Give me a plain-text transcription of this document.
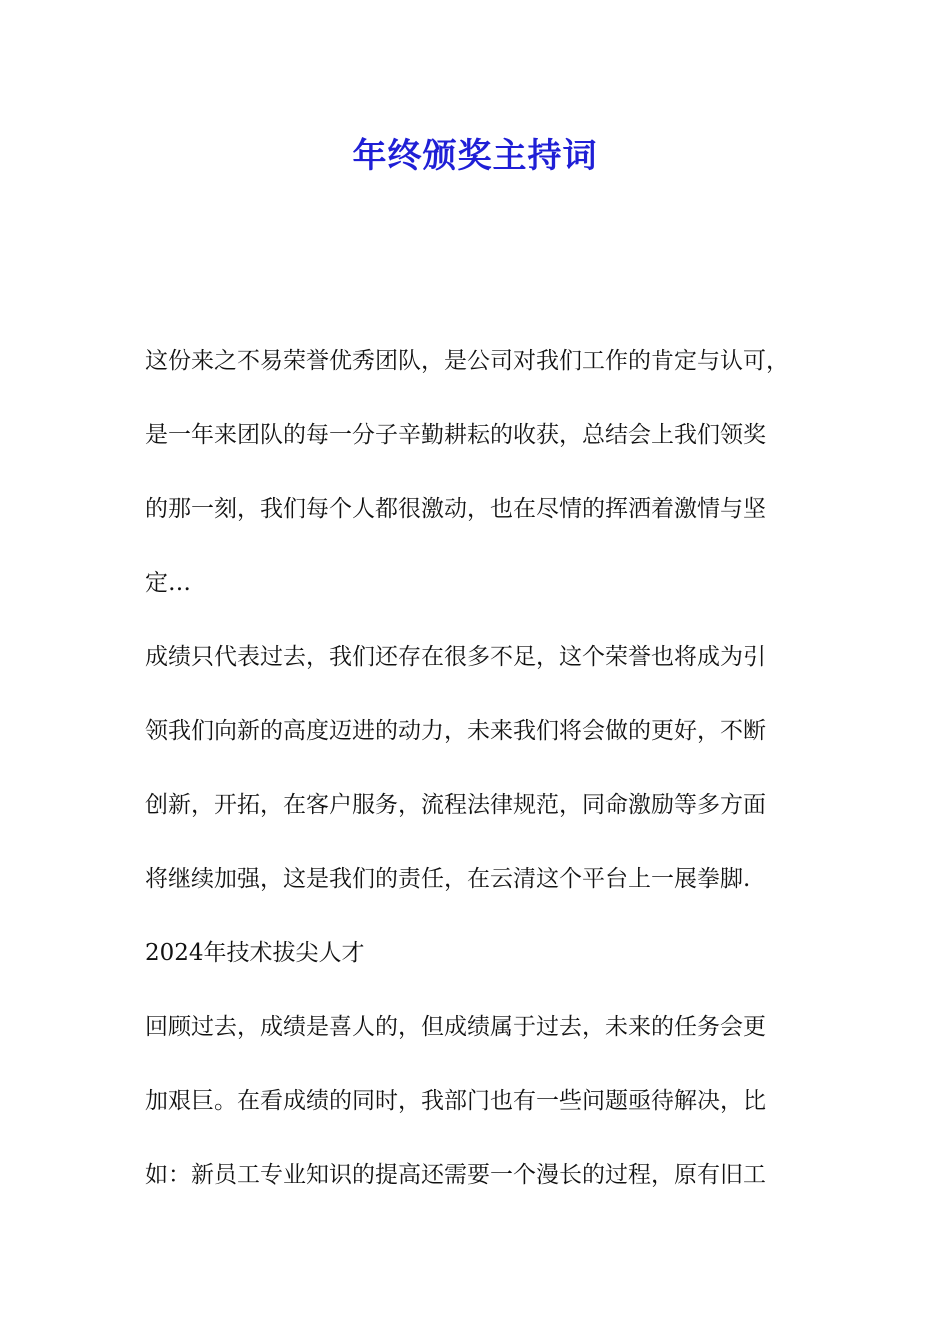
年终颁奖主持词
这份来之不易荣誉优秀团队，是公司对我们工作的肯定与认可，
是一年来团队的每一分子辛勤耕耘的收获，总结会上我们领奖
的那一刻，我们每个人都很激动，也在尽情的挥洒着激情与坚
定…
成绩只代表过去，我们还存在很多不足，这个荣誉也将成为引
领我们向新的高度迈进的动力，未来我们将会做的更好，不断
创新，开拓，在客户服务，流程法律规范，同命激励等多方面
将继续加强，这是我们的责任，在云清这个平台上一展拳脚.
2024年技术拔尖人才
回顾过去，成绩是喜人的，但成绩属于过去，未来的任务会更
加艰巨。在看成绩的同时，我部门也有一些问题亟待解决，比
如：新员工专业知识的提高还需要一个漫长的过程，原有旧工
